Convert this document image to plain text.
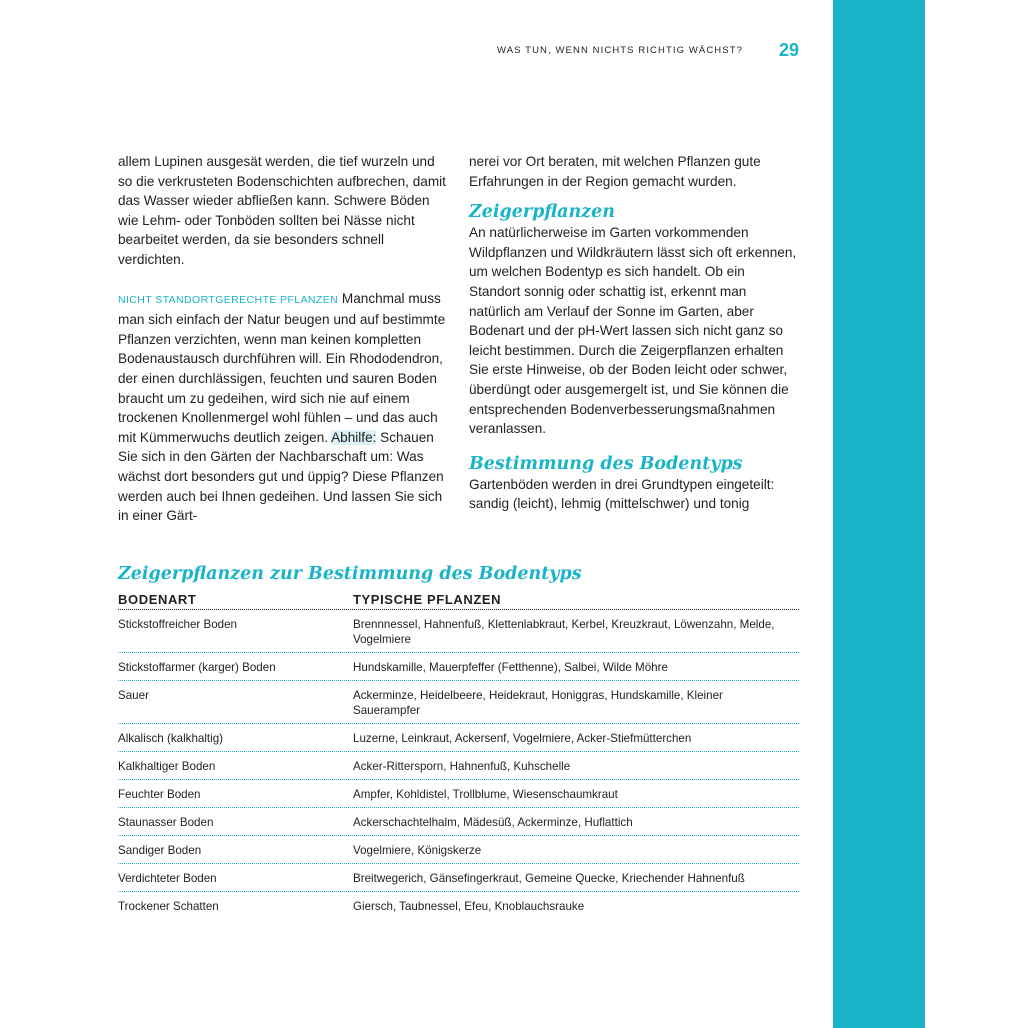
WAS TUN, WENN NICHTS RICHTIG WÄCHST? 29

allem Lupinen ausgesät werden, die tief wurzeln und so die verkrusteten Bodenschichten aufbrechen, damit das Wasser wieder abfließen kann. Schwere Böden wie Lehm- oder Tonböden sollten bei Nässe nicht bearbeitet werden, da sie besonders schnell verdichten.

NICHT STANDORTGERECHTE PFLANZEN Manchmal muss man sich einfach der Natur beugen und auf bestimmte Pflanzen verzichten, wenn man keinen kompletten Bodenaustausch durchführen will. Ein Rhododendron, der einen durchlässigen, feuchten und sauren Boden braucht um zu gedeihen, wird sich nie auf einem trockenen Knollenmergel wohl fühlen – und das auch mit Kümmerwuchs deutlich zeigen. Abhilfe: Schauen Sie sich in den Gärten der Nachbarschaft um: Was wächst dort besonders gut und üppig? Diese Pflanzen werden auch bei Ihnen gedeihen. Und lassen Sie sich in einer Gärt-

nerei vor Ort beraten, mit welchen Pflanzen gute Erfahrungen in der Region gemacht wurden.

Zeigerpflanzen

An natürlicherweise im Garten vorkommenden Wildpflanzen und Wildkräutern lässt sich oft erkennen, um welchen Bodentyp es sich handelt. Ob ein Standort sonnig oder schattig ist, erkennt man natürlich am Verlauf der Sonne im Garten, aber Bodenart und der pH-Wert lassen sich nicht ganz so leicht bestimmen. Durch die Zeigerpflanzen erhalten Sie erste Hinweise, ob der Boden leicht oder schwer, überdüngt oder ausgemergelt ist, und Sie können die entsprechenden Bodenverbesserungsmaßnahmen veranlassen.

Bestimmung des Bodentyps

Gartenböden werden in drei Grundtypen eingeteilt: sandig (leicht), lehmig (mittelschwer) und tonig

Zeigerpflanzen zur Bestimmung des Bodentyps
BODENART	TYPISCHE PFLANZEN
Stickstoffreicher Boden	Brennnessel, Hahnenfuß, Klettenlabkraut, Kerbel, Kreuzkraut, Löwenzahn, Melde, Vogelmiere
Stickstoffarmer (karger) Boden	Hundskamille, Mauerpfeffer (Fetthenne), Salbei, Wilde Möhre
Sauer	Ackerminze, Heidelbeere, Heidekraut, Honiggras, Hundskamille, Kleiner Sauerampfer
Alkalisch (kalkhaltig)	Luzerne, Leinkraut, Ackersenf, Vogelmiere, Acker-Stiefmütterchen
Kalkhaltiger Boden	Acker-Rittersporn, Hahnenfuß, Kuhschelle
Feuchter Boden	Ampfer, Kohldistel, Trollblume, Wiesenschaumkraut
Staunasser Boden	Ackerschachtelhalm, Mädesüß, Ackerminze, Huflattich
Sandiger Boden	Vogelmiere, Königskerze
Verdichteter Boden	Breitwegerich, Gänsefingerkraut, Gemeine Quecke, Kriechender Hahnenfuß
Trockener Schatten	Giersch, Taubnessel, Efeu, Knoblauchsrauke
